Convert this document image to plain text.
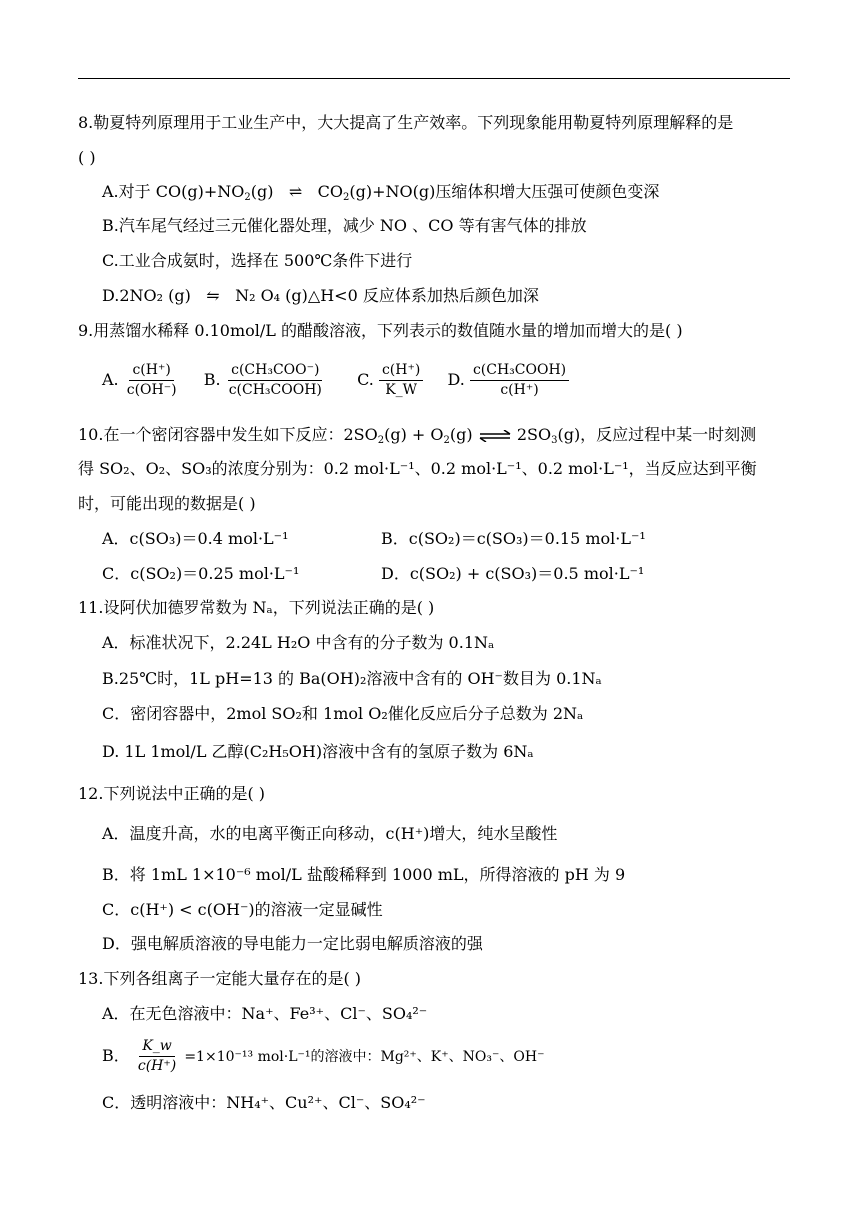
8.勒夏特列原理用于工业生产中，大大提高了生产效率。下列现象能用勒夏特列原理解释的是
( )
A.对于 $CO(g)+NO_2(g)$ ⇌ $CO_2(g)+NO(g)$压缩体积增大压强可使颜色变深
B.汽车尾气经过三元催化器处理，减少 NO 、CO 等有害气体的排放
C.工业合成氨时，选择在 500℃条件下进行
D.2NO₂ (g) ⇋ N₂ O₄ (g)△H<0 反应体系加热后颜色加深
9.用蒸馏水稀释 0.10mol/L 的醋酸溶液，下列表示的数值随水量的增加而增大的是( )
A. $\frac{c(H^+)}{c(OH^-)} B$. $\frac{\text{c(CH₃COO⁻)}}{\text{c(CH₃COOH)}} C$. $\frac{c(H^+)}{K\_W} D$. $\frac{\text{c(CH₃COOH)}}{c(H^+)}$
10.在一个密闭容器中发生如下反应：$2SO_2(g) + O_2(g)$ ⇌ $2SO_3(g)$，反应过程中某一时刻测
得 SO₂、O₂、SO₃的浓度分别为：0.2 mol·L⁻¹、0.2 mol·L⁻¹、0.2 mol·L⁻¹，当反应达到平衡
时，可能出现的数据是( )
A．c(SO₃)＝0.4 mol·L⁻¹	B．c(SO₂)＝c(SO₃)＝0.15 mol·L⁻¹
C．c(SO₂)＝0.25 mol·L⁻¹	D．c(SO₂) + c(SO₃)＝0.5 mol·L⁻¹
11.设阿伏加德罗常数为 Nₐ，下列说法正确的是( )
A．标准状况下，2.24L H₂O 中含有的分子数为 0.1Nₐ
B.25℃时，1L pH=13 的 Ba(OH)₂溶液中含有的 OH⁻数目为 0.1Nₐ
C．密闭容器中，2mol SO₂和 1mol O₂催化反应后分子总数为 2Nₐ
D. 1L 1mol/L 乙醇(C₂H₅OH)溶液中含有的氢原子数为 6Nₐ
12.下列说法中正确的是( )
A．温度升高，水的电离平衡正向移动，c(H⁺)增大，纯水呈酸性
B．将 1mL 1×10⁻⁶ mol/L 盐酸稀释到 1000 mL，所得溶液的 pH 为 9
C．c(H⁺) < c(OH⁻)的溶液一定显碱性
D．强电解质溶液的导电能力一定比弱电解质溶液的强
13.下列各组离子一定能大量存在的是( )
A．在无色溶液中：Na⁺、Fe³⁺、Cl⁻、SO₄²⁻
B． $\frac{K\_w}{c(H^+)} =1\times 10^{-13}$ mol·L⁻¹的溶液中：Mg²⁺、K⁺、NO₃⁻、OH⁻
C．透明溶液中：NH₄⁺、Cu²⁺、Cl⁻、SO₄²⁻
